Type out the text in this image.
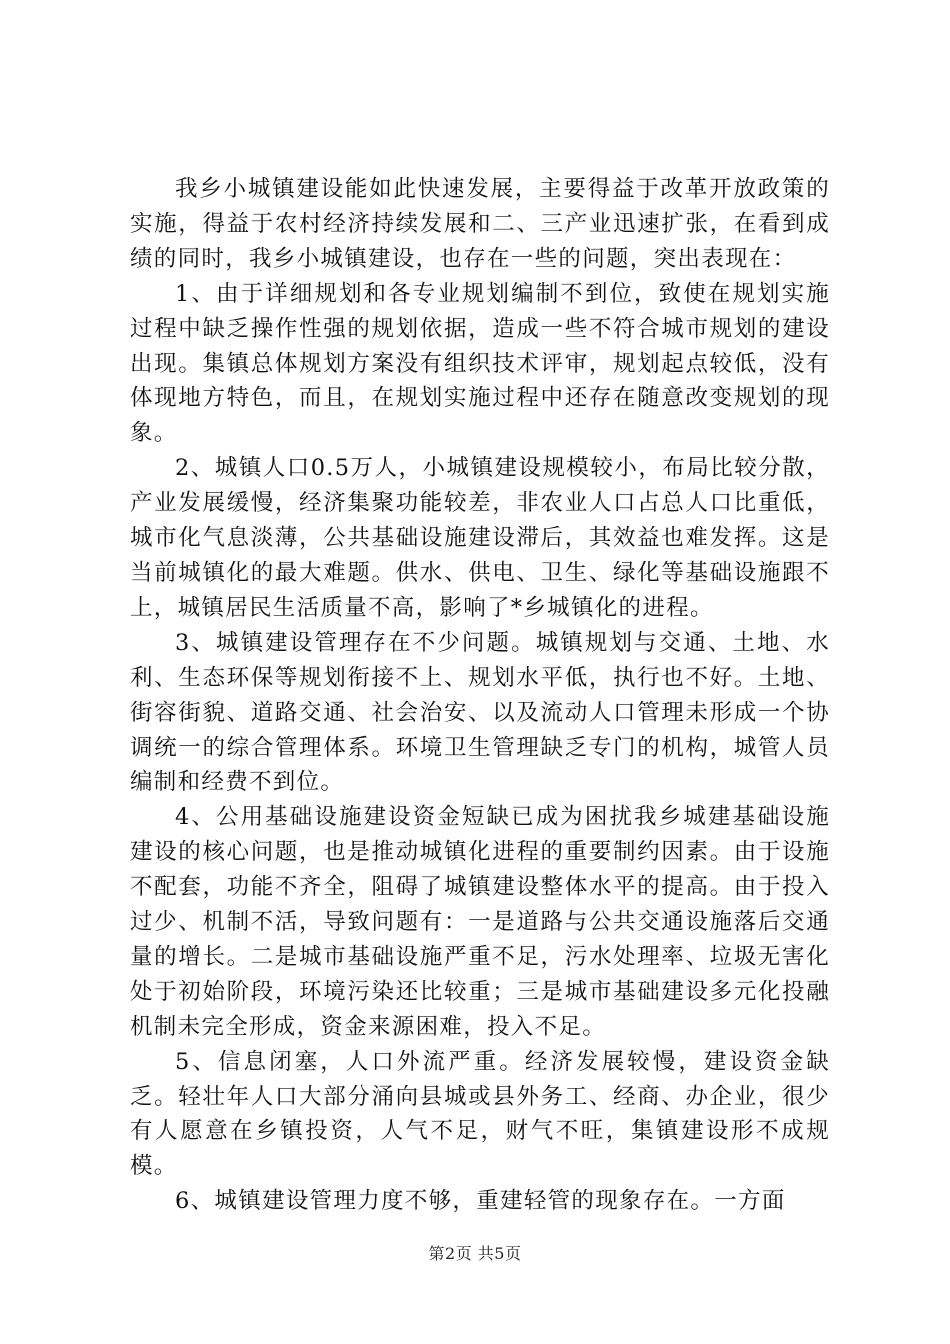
我乡小城镇建设能如此快速发展，主要得益于改革开放政策的实施，得益于农村经济持续发展和二、三产业迅速扩张，在看到成绩的同时，我乡小城镇建设，也存在一些的问题，突出表现在：

1、由于详细规划和各专业规划编制不到位，致使在规划实施过程中缺乏操作性强的规划依据，造成一些不符合城市规划的建设出现。集镇总体规划方案没有组织技术评审，规划起点较低，没有体现地方特色，而且，在规划实施过程中还存在随意改变规划的现象。

2、城镇人口0.5万人，小城镇建设规模较小，布局比较分散，产业发展缓慢，经济集聚功能较差，非农业人口占总人口比重低，城市化气息淡薄，公共基础设施建设滞后，其效益也难发挥。这是当前城镇化的最大难题。供水、供电、卫生、绿化等基础设施跟不上，城镇居民生活质量不高，影响了*乡城镇化的进程。

3、城镇建设管理存在不少问题。城镇规划与交通、土地、水利、生态环保等规划衔接不上、规划水平低，执行也不好。土地、街容街貌、道路交通、社会治安、以及流动人口管理未形成一个协调统一的综合管理体系。环境卫生管理缺乏专门的机构，城管人员编制和经费不到位。

4、公用基础设施建设资金短缺已成为困扰我乡城建基础设施建设的核心问题，也是推动城镇化进程的重要制约因素。由于设施不配套，功能不齐全，阻碍了城镇建设整体水平的提高。由于投入过少、机制不活，导致问题有：一是道路与公共交通设施落后交通量的增长。二是城市基础设施严重不足，污水处理率、垃圾无害化处于初始阶段，环境污染还比较重；三是城市基础建设多元化投融机制未完全形成，资金来源困难，投入不足。

5、信息闭塞，人口外流严重。经济发展较慢，建设资金缺乏。轻壮年人口大部分涌向县城或县外务工、经商、办企业，很少有人愿意在乡镇投资，人气不足，财气不旺，集镇建设形不成规模。

6、城镇建设管理力度不够，重建轻管的现象存在。一方面

第2页 共5页
